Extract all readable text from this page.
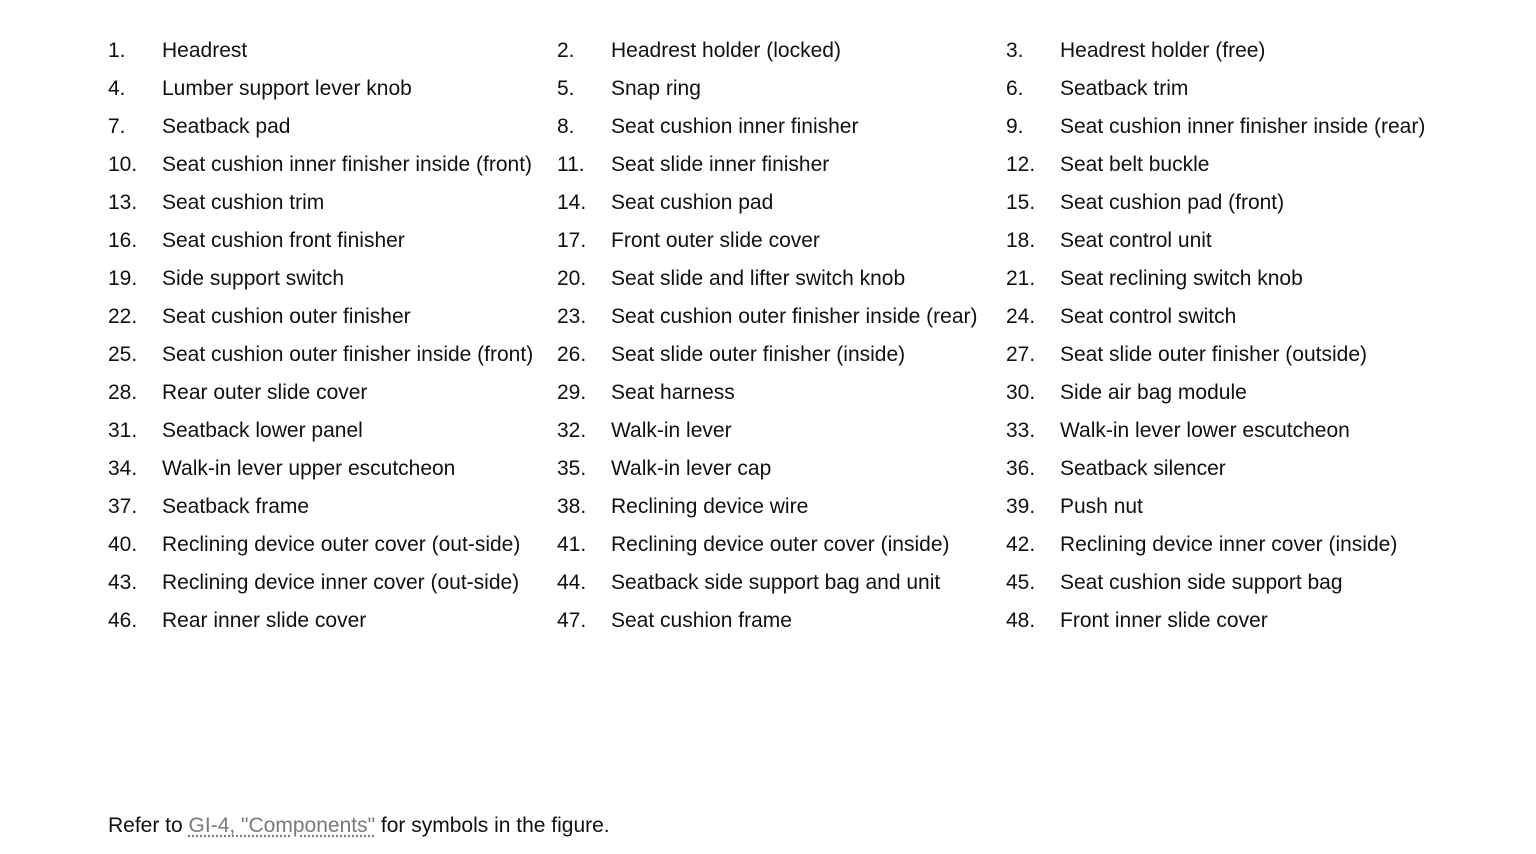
1.	Headrest	2.	Headrest holder (locked)	3.	Headrest holder (free)
4.	Lumber support lever knob	5.	Snap ring	6.	Seatback trim
7.	Seatback pad	8.	Seat cushion inner finisher	9.	Seat cushion inner finisher inside (rear)
10.	Seat cushion inner finisher inside (front)	11.	Seat slide inner finisher	12.	Seat belt buckle
13.	Seat cushion trim	14.	Seat cushion pad	15.	Seat cushion pad (front)
16.	Seat cushion front finisher	17.	Front outer slide cover	18.	Seat control unit
19.	Side support switch	20.	Seat slide and lifter switch knob	21.	Seat reclining switch knob
22.	Seat cushion outer finisher	23.	Seat cushion outer finisher inside (rear)	24.	Seat control switch
25.	Seat cushion outer finisher inside (front)	26.	Seat slide outer finisher (inside)	27.	Seat slide outer finisher (outside)
28.	Rear outer slide cover	29.	Seat harness	30.	Side air bag module
31.	Seatback lower panel	32.	Walk-in lever	33.	Walk-in lever lower escutcheon
34.	Walk-in lever upper escutcheon	35.	Walk-in lever cap	36.	Seatback silencer
37.	Seatback frame	38.	Reclining device wire	39.	Push nut
40.	Reclining device outer cover (out-side)	41.	Reclining device outer cover (inside)	42.	Reclining device inner cover (inside)
43.	Reclining device inner cover (out-side)	44.	Seatback side support bag and unit	45.	Seat cushion side support bag
46.	Rear inner slide cover	47.	Seat cushion frame	48.	Front inner slide cover
Refer to GI-4, "Components" for symbols in the figure.
